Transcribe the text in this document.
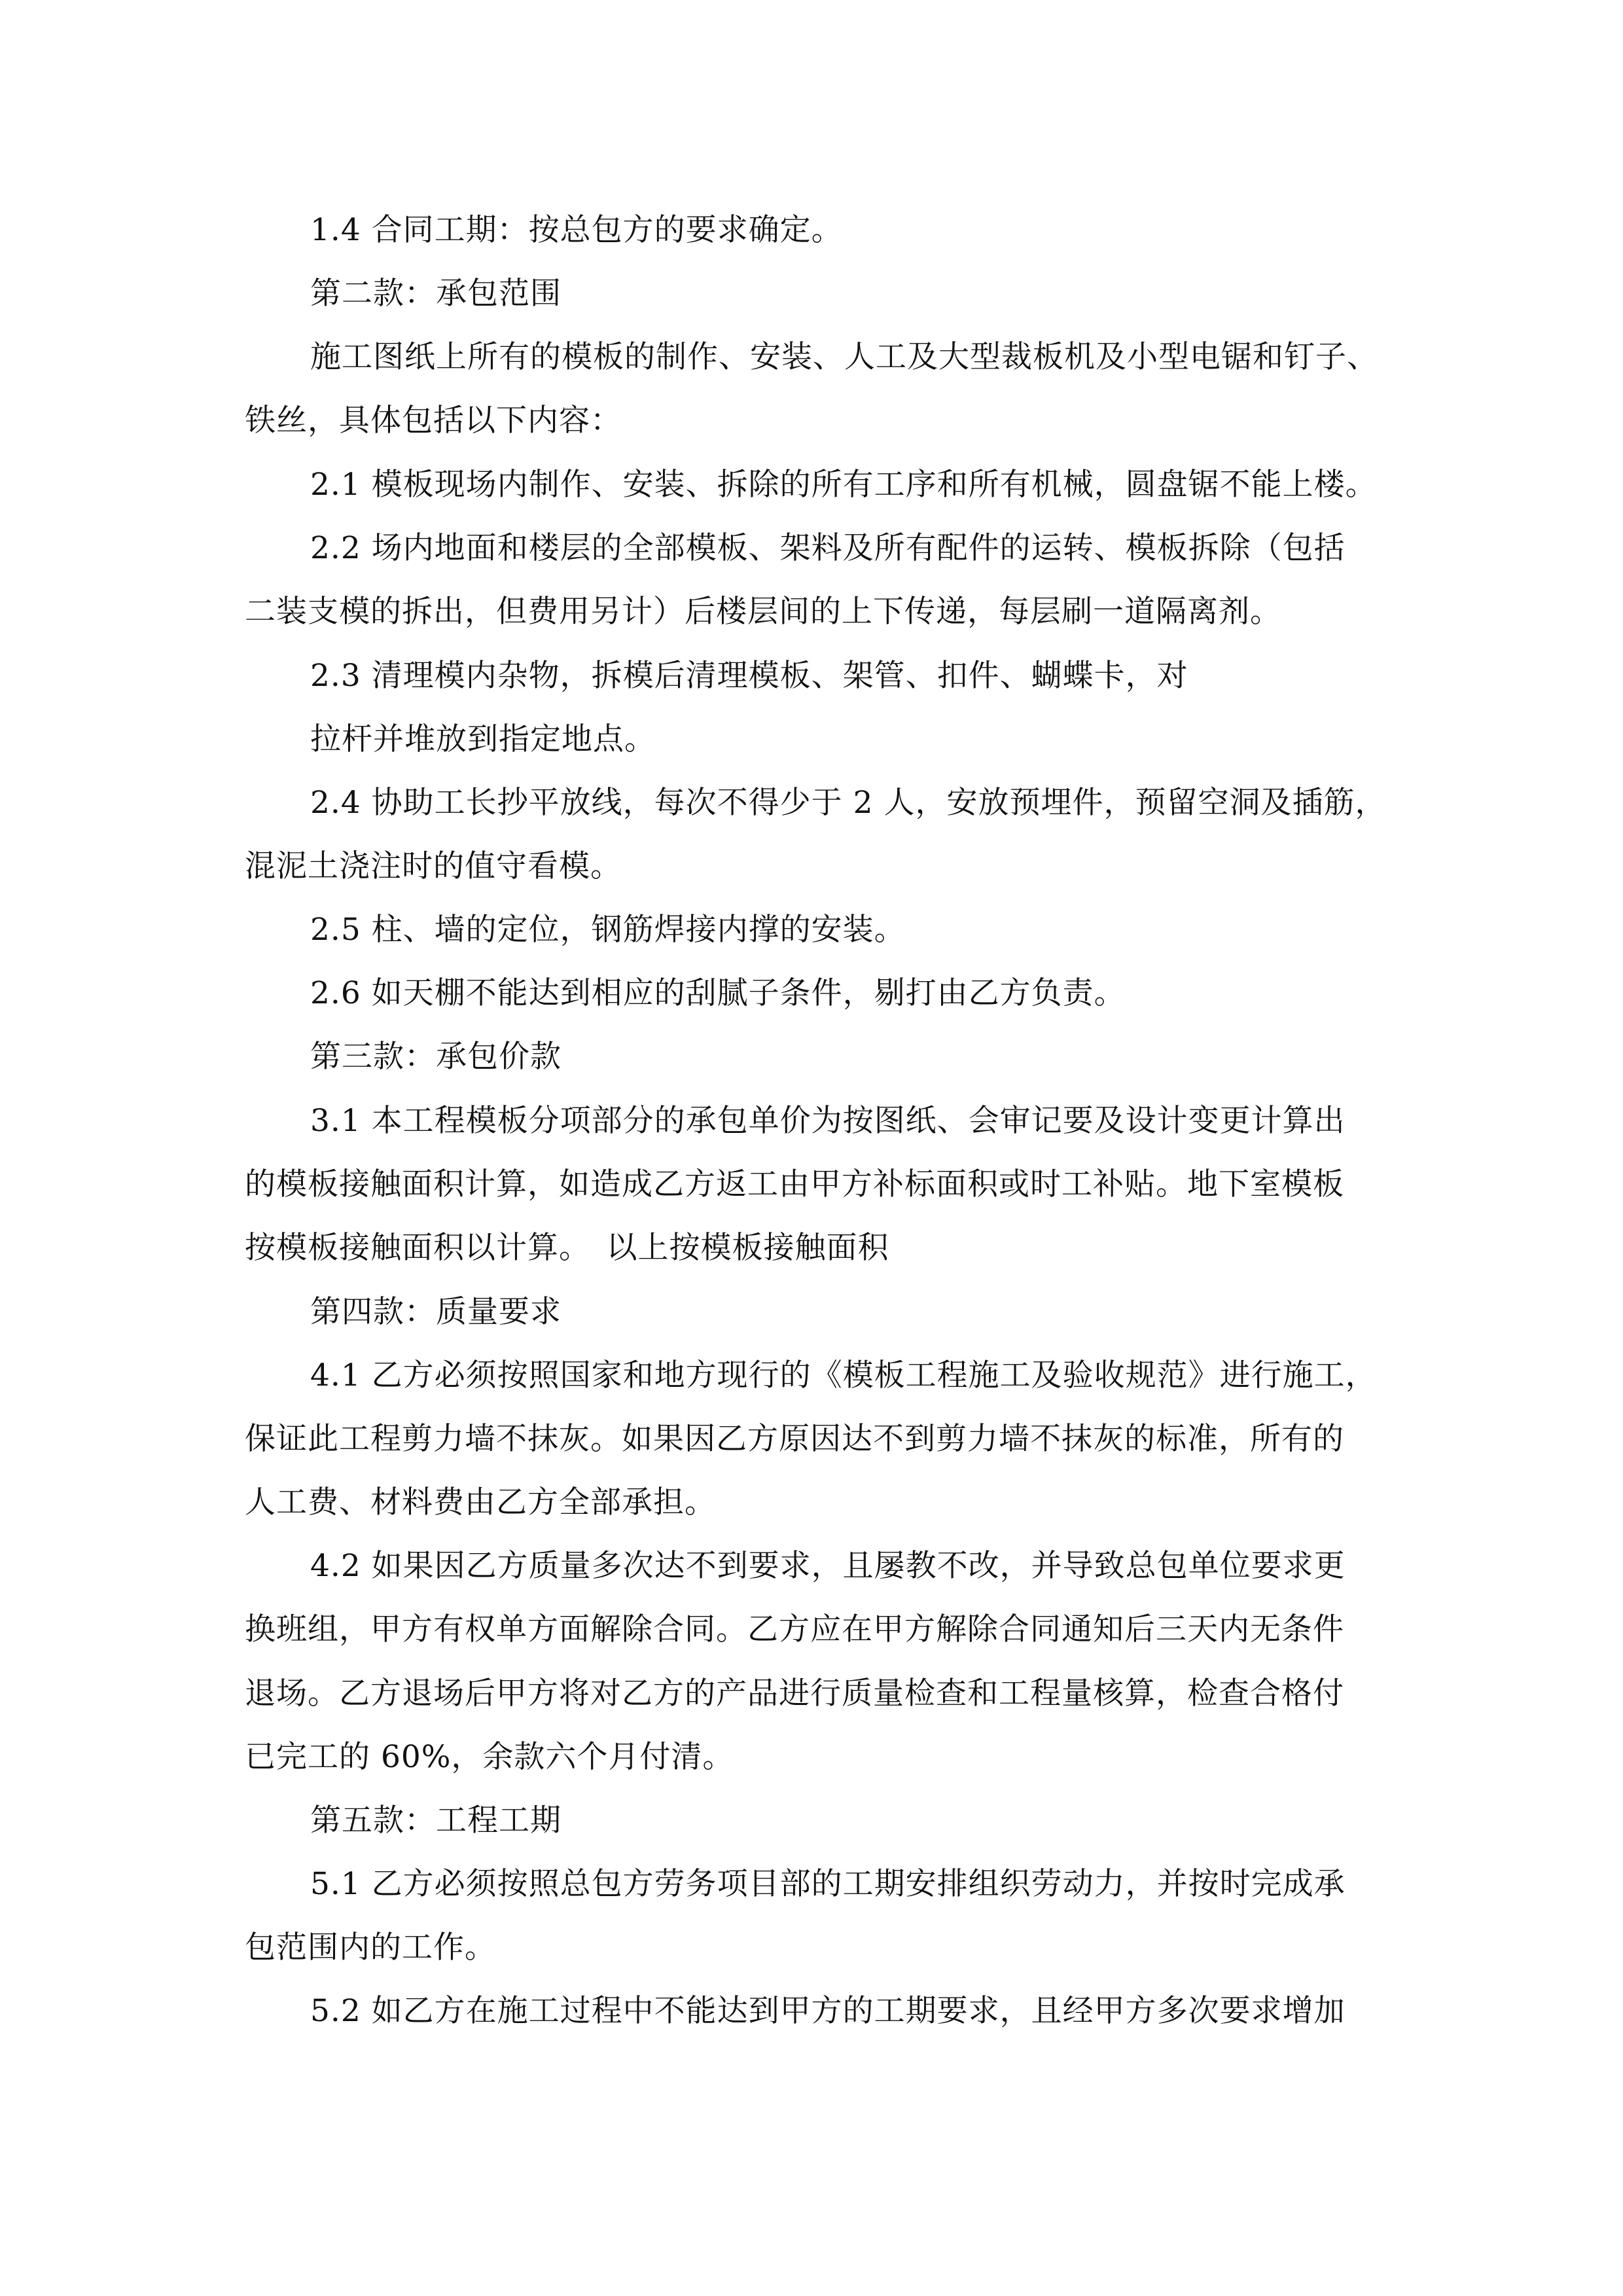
1.4 合同工期：按总包方的要求确定。
第二款：承包范围
施工图纸上所有的模板的制作、安装、人工及大型裁板机及小型电锯和钉子、
铁丝，具体包括以下内容：
2.1 模板现场内制作、安装、拆除的所有工序和所有机械，圆盘锯不能上楼。
2.2 场内地面和楼层的全部模板、架料及所有配件的运转、模板拆除（包括
二装支模的拆出，但费用另计）后楼层间的上下传递，每层刷一道隔离剂。
2.3 清理模内杂物，拆模后清理模板、架管、扣件、蝴蝶卡，对
拉杆并堆放到指定地点。
2.4 协助工长抄平放线，每次不得少于 2 人，安放预埋件，预留空洞及插筋，
混泥土浇注时的值守看模。
2.5 柱、墙的定位，钢筋焊接内撑的安装。
2.6 如天棚不能达到相应的刮腻子条件，剔打由乙方负责。
第三款：承包价款
3.1 本工程模板分项部分的承包单价为按图纸、会审记要及设计变更计算出
的模板接触面积计算，如造成乙方返工由甲方补标面积或时工补贴。地下室模板
按模板接触面积以计算。　以上按模板接触面积
第四款：质量要求
4.1 乙方必须按照国家和地方现行的《模板工程施工及验收规范》进行施工，
保证此工程剪力墙不抹灰。如果因乙方原因达不到剪力墙不抹灰的标准，所有的
人工费、材料费由乙方全部承担。
4.2 如果因乙方质量多次达不到要求，且屡教不改，并导致总包单位要求更
换班组，甲方有权单方面解除合同。乙方应在甲方解除合同通知后三天内无条件
退场。乙方退场后甲方将对乙方的产品进行质量检查和工程量核算，检查合格付
已完工的 60%，余款六个月付清。
第五款：工程工期
5.1 乙方必须按照总包方劳务项目部的工期安排组织劳动力，并按时完成承
包范围内的工作。
5.2 如乙方在施工过程中不能达到甲方的工期要求，且经甲方多次要求增加
